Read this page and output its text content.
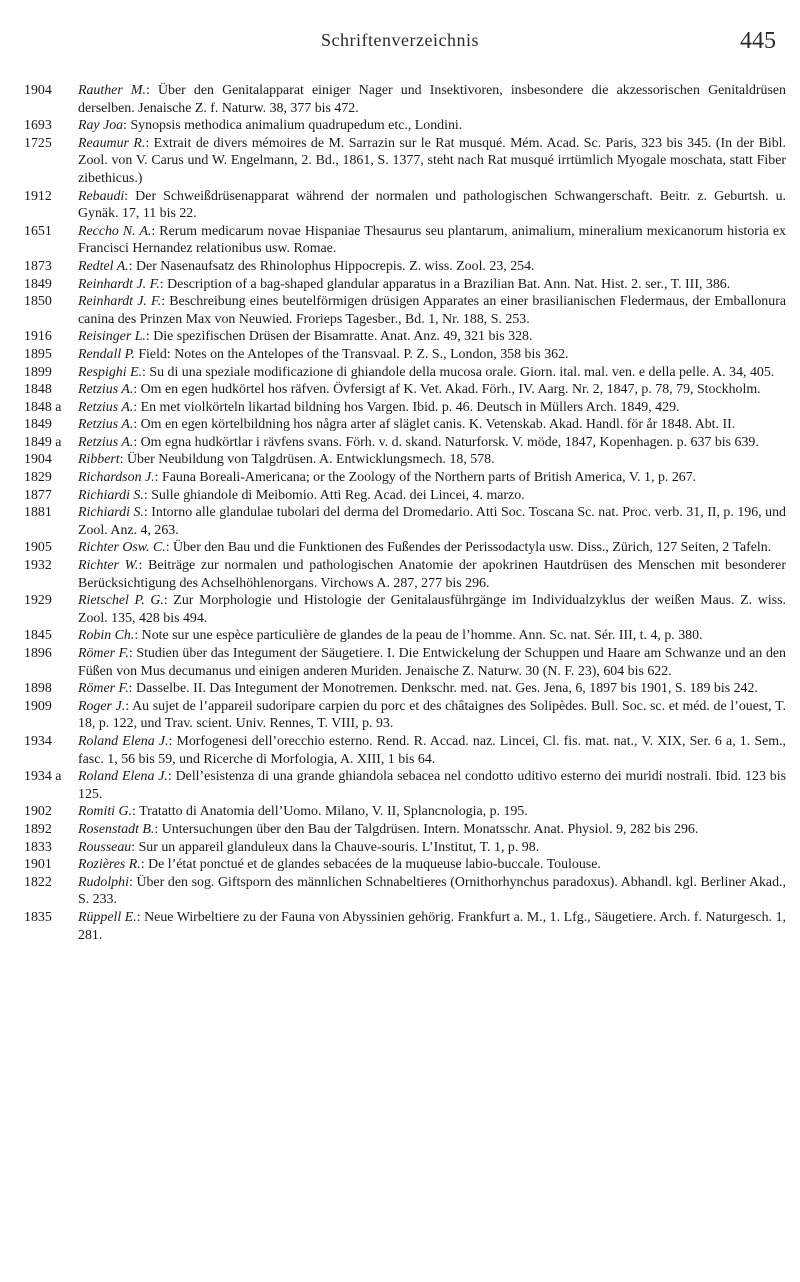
Schriftenverzeichnis	445
1904	Rauther M.: Über den Genitalapparat einiger Nager und Insektivoren, insbesondere die akzessorischen Genitaldrüsen derselben. Jenaische Z. f. Naturw. 38, 377 bis 472.
1693	Ray Joa: Synopsis methodica animalium quadrupedum etc., Londini.
1725	Reaumur R.: Extrait de divers mémoires de M. Sarrazin sur le Rat musqué. Mém. Acad. Sc. Paris, 323 bis 345. (In der Bibl. Zool. von V. Carus und W. Engelmann, 2. Bd., 1861, S. 1377, steht nach Rat musqué irrtümlich Myogale moschata, statt Fiber zibethicus.)
1912	Rebaudi: Der Schweißdrüsenapparat während der normalen und pathologischen Schwangerschaft. Beitr. z. Geburtsh. u. Gynäk. 17, 11 bis 22.
1651	Reccho N. A.: Rerum medicarum novae Hispaniae Thesaurus seu plantarum, animalium, mineralium mexicanorum historia ex Francisci Hernandez relationibus usw. Romae.
1873	Redtel A.: Der Nasenaufsatz des Rhinolophus Hippocrepis. Z. wiss. Zool. 23, 254.
1849	Reinhardt J. F.: Description of a bag-shaped glandular apparatus in a Brazilian Bat. Ann. Nat. Hist. 2. ser., T. III, 386.
1850	Reinhardt J. F.: Beschreibung eines beutelförmigen drüsigen Apparates an einer brasilianischen Fledermaus, der Emballonura canina des Prinzen Max von Neuwied. Frorieps Tagesber., Bd. 1, Nr. 188, S. 253.
1916	Reisinger L.: Die spezifischen Drüsen der Bisamratte. Anat. Anz. 49, 321 bis 328.
1895	Rendall P. Field: Notes on the Antelopes of the Transvaal. P. Z. S., London, 358 bis 362.
1899	Respighi E.: Su di una speziale modificazione di ghiandole della mucosa orale. Giorn. ital. mal. ven. e della pelle. A. 34, 405.
1848	Retzius A.: Om en egen hudkörtel hos räfven. Övfersigt af K. Vet. Akad. Förh., IV. Aarg. Nr. 2, 1847, p. 78, 79, Stockholm.
1848 a	Retzius A.: En met violkörteln likartad bildning hos Vargen. Ibid. p. 46. Deutsch in Müllers Arch. 1849, 429.
1849	Retzius A.: Om en egen körtelbildning hos några arter af släglet canis. K. Vetenskab. Akad. Handl. för år 1848. Abt. II.
1849 a	Retzius A.: Om egna hudkörtlar i rävfens svans. Förh. v. d. skand. Naturforsk. V. möde, 1847, Kopenhagen. p. 637 bis 639.
1904	Ribbert: Über Neubildung von Talgdrüsen. A. Entwicklungsmech. 18, 578.
1829	Richardson J.: Fauna Boreali-Americana; or the Zoology of the Northern parts of British America, V. 1, p. 267.
1877	Richiardi S.: Sulle ghiandole di Meibomio. Atti Reg. Acad. dei Lincei, 4. marzo.
1881	Richiardi S.: Intorno alle glandulae tubolari del derma del Dromedario. Atti Soc. Toscana Sc. nat. Proc. verb. 31, II, p. 196, und Zool. Anz. 4, 263.
1905	Richter Osw. C.: Über den Bau und die Funktionen des Fußendes der Perissodactyla usw. Diss., Zürich, 127 Seiten, 2 Tafeln.
1932	Richter W.: Beiträge zur normalen und pathologischen Anatomie der apokrinen Hautdrüsen des Menschen mit besonderer Berücksichtigung des Achselhöhlenorgans. Virchows A. 287, 277 bis 296.
1929	Rietschel P. G.: Zur Morphologie und Histologie der Genitalausführgänge im Individualzyklus der weißen Maus. Z. wiss. Zool. 135, 428 bis 494.
1845	Robin Ch.: Note sur une espèce particulière de glandes de la peau de l’homme. Ann. Sc. nat. Sér. III, t. 4, p. 380.
1896	Römer F.: Studien über das Integument der Säugetiere. I. Die Entwickelung der Schuppen und Haare am Schwanze und an den Füßen von Mus decumanus und einigen anderen Muriden. Jenaische Z. Naturw. 30 (N. F. 23), 604 bis 622.
1898	Römer F.: Dasselbe. II. Das Integument der Monotremen. Denkschr. med. nat. Ges. Jena, 6, 1897 bis 1901, S. 189 bis 242.
1909	Roger J.: Au sujet de l’appareil sudoripare carpien du porc et des châtaignes des Solipèdes. Bull. Soc. sc. et méd. de l’ouest, T. 18, p. 122, und Trav. scient. Univ. Rennes, T. VIII, p. 93.
1934	Roland Elena J.: Morfogenesi dell’orecchio esterno. Rend. R. Accad. naz. Lincei, Cl. fis. mat. nat., V. XIX, Ser. 6 a, 1. Sem., fasc. 1, 56 bis 59, und Ricerche di Morfologia, A. XIII, 1 bis 64.
1934 a	Roland Elena J.: Dell’esistenza di una grande ghiandola sebacea nel condotto uditivo esterno dei muridi nostrali. Ibid. 123 bis 125.
1902	Romiti G.: Tratatto di Anatomia dell’Uomo. Milano, V. II, Splancnologia, p. 195.
1892	Rosenstadt B.: Untersuchungen über den Bau der Talgdrüsen. Intern. Monatsschr. Anat. Physiol. 9, 282 bis 296.
1833	Rousseau: Sur un appareil glanduleux dans la Chauve-souris. L’Institut, T. 1, p. 98.
1901	Rozières R.: De l’état ponctué et de glandes sebacées de la muqueuse labio-buccale. Toulouse.
1822	Rudolphi: Über den sog. Giftsporn des männlichen Schnabeltieres (Ornithorhynchus paradoxus). Abhandl. kgl. Berliner Akad., S. 233.
1835	Rüppell E.: Neue Wirbeltiere zu der Fauna von Abyssinien gehörig. Frankfurt a. M., 1. Lfg., Säugetiere. Arch. f. Naturgesch. 1, 281.
